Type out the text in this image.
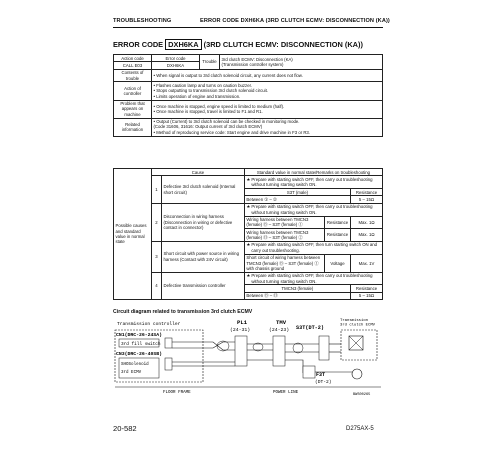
TROUBLESHOOTING	ERROR CODE DXH6KA (3RD CLUTCH ECMV: DISCONNECTION (KA))
ERROR CODE DXH6KA (3RD CLUTCH ECMV: DISCONNECTION (KA))
Action code	Error code	Trouble	3rd clutch ECMV: Disconnection (KA)
(Transmission controller system)

CALL E03	DXH6KA		
Contents of trouble	• When signal is output to 3rd clutch solenoid circuit, any current does not flow.		
Action of controller	• Flashes caution lamp and turns on caution buzzer.
• Stops outputting to transmission 3rd clutch solenoid circuit.
• Limits operation of engine and transmission.		

Problem that appears on machine	• Once machine is stopped, engine speed is limited to medium (half).
• Once machine is stopped, travel is limited to F1 and R1.		

Related information	• Output (Current) to 3rd clutch solenoid can be checked in monitoring mode.
(Code 31606, 31616: Output current of 3rd clutch ECMV)
• Method of reproducing service code: Start engine and drive machine in F3 or R3.		
Possible causes and standard value in normal state	Cause		Standard value in normal state/Remarks on troubleshooting		
	1	Defective 3rd clutch solenoid (Internal short circuit)	★ Prepare with starting switch OFF, then carry out troubleshooting
without turning starting switch ON.		

			S3T (male)		Resistance
			Between ① – ②		5 – 15Ω
	2	Disconnection in wiring harness (Disconnection in wiring or defective contact in connector)	★ Prepare with starting switch OFF, then carry out troubleshooting
without turning starting switch ON.		

			Wiring harness between TMCN3 (female) ⑮ – S3T (female) ①	Resistance	Max. 1Ω
			Wiring harness between TMCN3 (female) ⑬ – S3T (female) ②	Resistance	Max. 1Ω
	3	Short circuit with power source in wiring harness (Contact with 24V circuit)	★ Prepare with starting switch OFF, then turn starting switch ON and
carry out troubleshooting.		

			Short circuit of wiring harness between TMCN3 (female) ⑮ – S3T (female) ① with chassis ground	Voltage	Max. 1V
	4	Defective transmission controller	★ Prepare with starting switch OFF, then carry out troubleshooting
without turning starting switch ON.		

			TMCN3 (female)		Resistance
			Between ⑮ – ⑬		5 – 15Ω
Circuit diagram related to transmission 3rd clutch ECMV
Transmission controller
CN1(DRC-26-24SA)
3rd fill switch
CN3(DRC-26-40SB)
SHOSolenoid
3rd ECMV
PL1
(24-31)
TMV
(24-23) S3T(DT-2)
Transmission
3rd clutch ECMV
F3T
(DT-2)
FLOOR FRAME	POWER LINE	BWS00265
20-582	D275AX-5
